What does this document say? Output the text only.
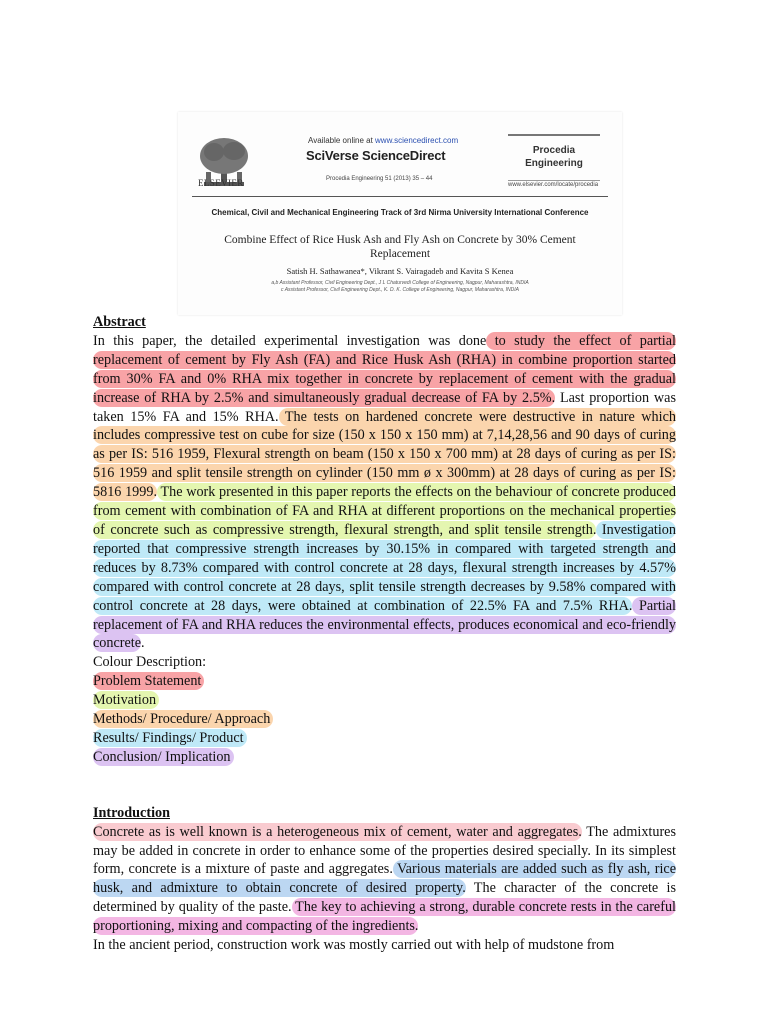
ELSEVIER
Available online at www.sciencedirect.com
SciVerse ScienceDirect
Procedia Engineering 51 (2013) 35 – 44
Procedia
Engineering
www.elsevier.com/locate/procedia
Chemical, Civil and Mechanical Engineering Track of 3rd Nirma University International Conference
Combine Effect of Rice Husk Ash and Fly Ash on Concrete by 30% Cement Replacement
Satish H. Sathawanea*, Vikrant S. Vairagadeb and Kavita S Kenea
a,b Assistant Professor, Civil Engineering Dept., J L Chaturvedi College of Engineering, Nagpur, Maharashtra, INDIA
c Assistant Professor, Civil Engineering Dept., K. D. K. College of Engineering, Nagpur, Maharashtra, INDIA
Abstract

In this paper, the detailed experimental investigation was done to study the effect of partial replacement of cement by Fly Ash (FA) and Rice Husk Ash (RHA) in combine proportion started from 30% FA and 0% RHA mix together in concrete by replacement of cement with the gradual increase of RHA by 2.5% and simultaneously gradual decrease of FA by 2.5%. Last proportion was taken 15% FA and 15% RHA. The tests on hardened concrete were destructive in nature which includes compressive test on cube for size (150 x 150 x 150 mm) at 7,14,28,56 and 90 days of curing as per IS: 516 1959, Flexural strength on beam (150 x 150 x 700 mm) at 28 days of curing as per IS: 516 1959 and split tensile strength on cylinder (150 mm ø x 300mm) at 28 days of curing as per IS: 5816 1999. The work presented in this paper reports the effects on the behaviour of concrete produced from cement with combination of FA and RHA at different proportions on the mechanical properties of concrete such as compressive strength, flexural strength, and split tensile strength. Investigation reported that compressive strength increases by 30.15% in compared with targeted strength and reduces by 8.73% compared with control concrete at 28 days, flexural strength increases by 4.57% compared with control concrete at 28 days, split tensile strength decreases by 9.58% compared with control concrete at 28 days, were obtained at combination of 22.5% FA and 7.5% RHA. Partial replacement of FA and RHA reduces the environmental effects, produces economical and eco-friendly concrete.

Colour Description:
Problem Statement
Motivation
Methods/ Procedure/ Approach
Results/ Findings/ Product
Conclusion/ Implication
Introduction

Concrete as is well known is a heterogeneous mix of cement, water and aggregates. The admixtures may be added in concrete in order to enhance some of the properties desired specially. In its simplest form, concrete is a mixture of paste and aggregates. Various materials are added such as fly ash, rice husk, and admixture to obtain concrete of desired property. The character of the concrete is determined by quality of the paste. The key to achieving a strong, durable concrete rests in the careful proportioning, mixing and compacting of the ingredients.

In the ancient period, construction work was mostly carried out with help of mudstone from
